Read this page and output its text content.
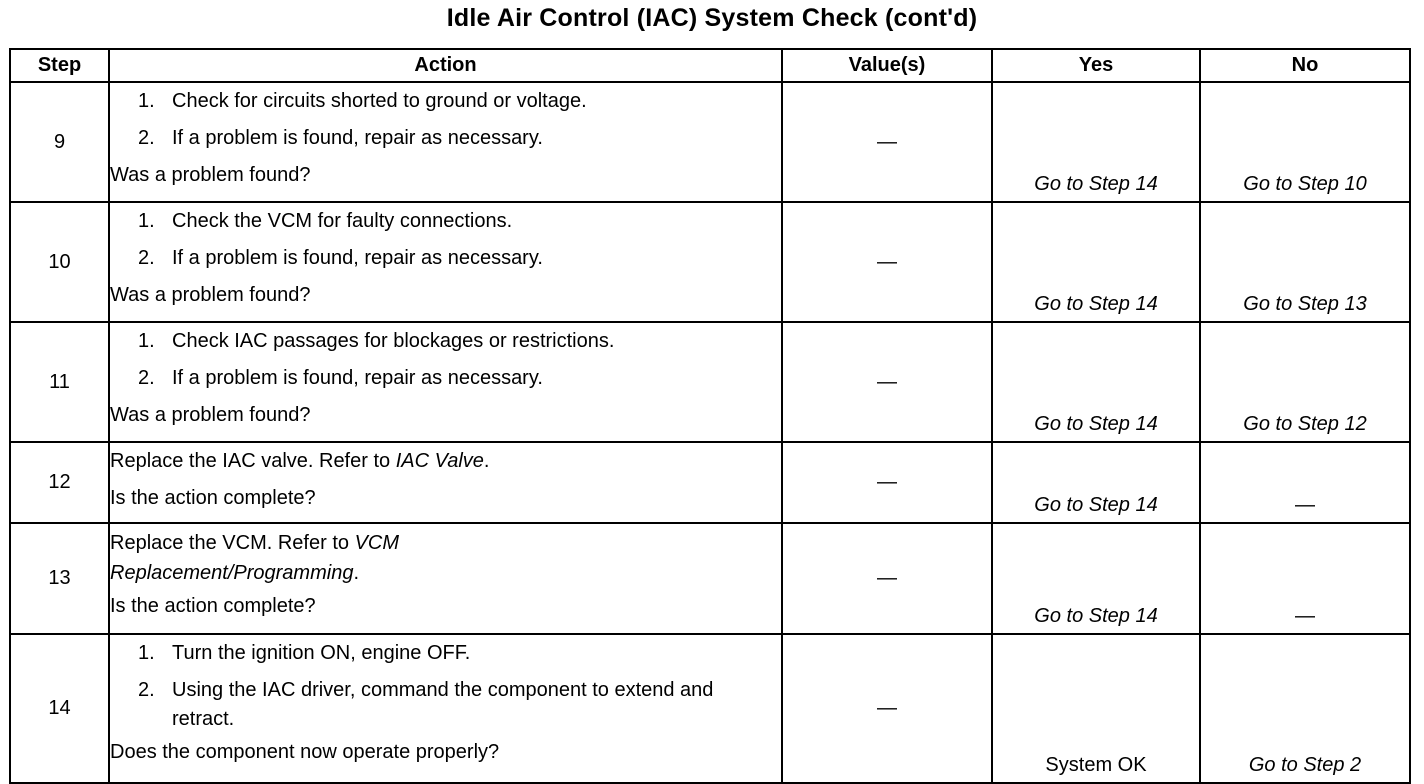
Idle Air Control (IAC) System Check (cont'd)
Step	Action	Value(s)	Yes	No
9	1. Check for circuits shorted to ground or voltage.
2. If a problem is found, repair as necessary.
Was a problem found?	—	Go to Step 14	Go to Step 10
10	1. Check the VCM for faulty connections.
2. If a problem is found, repair as necessary.
Was a problem found?	—	Go to Step 14	Go to Step 13
11	1. Check IAC passages for blockages or restrictions.
2. If a problem is found, repair as necessary.
Was a problem found?	—	Go to Step 14	Go to Step 12
12	Replace the IAC valve. Refer to IAC Valve.
Is the action complete?	—	Go to Step 14	—
13	Replace the VCM. Refer to VCM
Replacement/Programming.
Is the action complete?	—	Go to Step 14	—
14	1. Turn the ignition ON, engine OFF.
2. Using the IAC driver, command the component to extend and retract.
Does the component now operate properly?	—	System OK	Go to Step 2
